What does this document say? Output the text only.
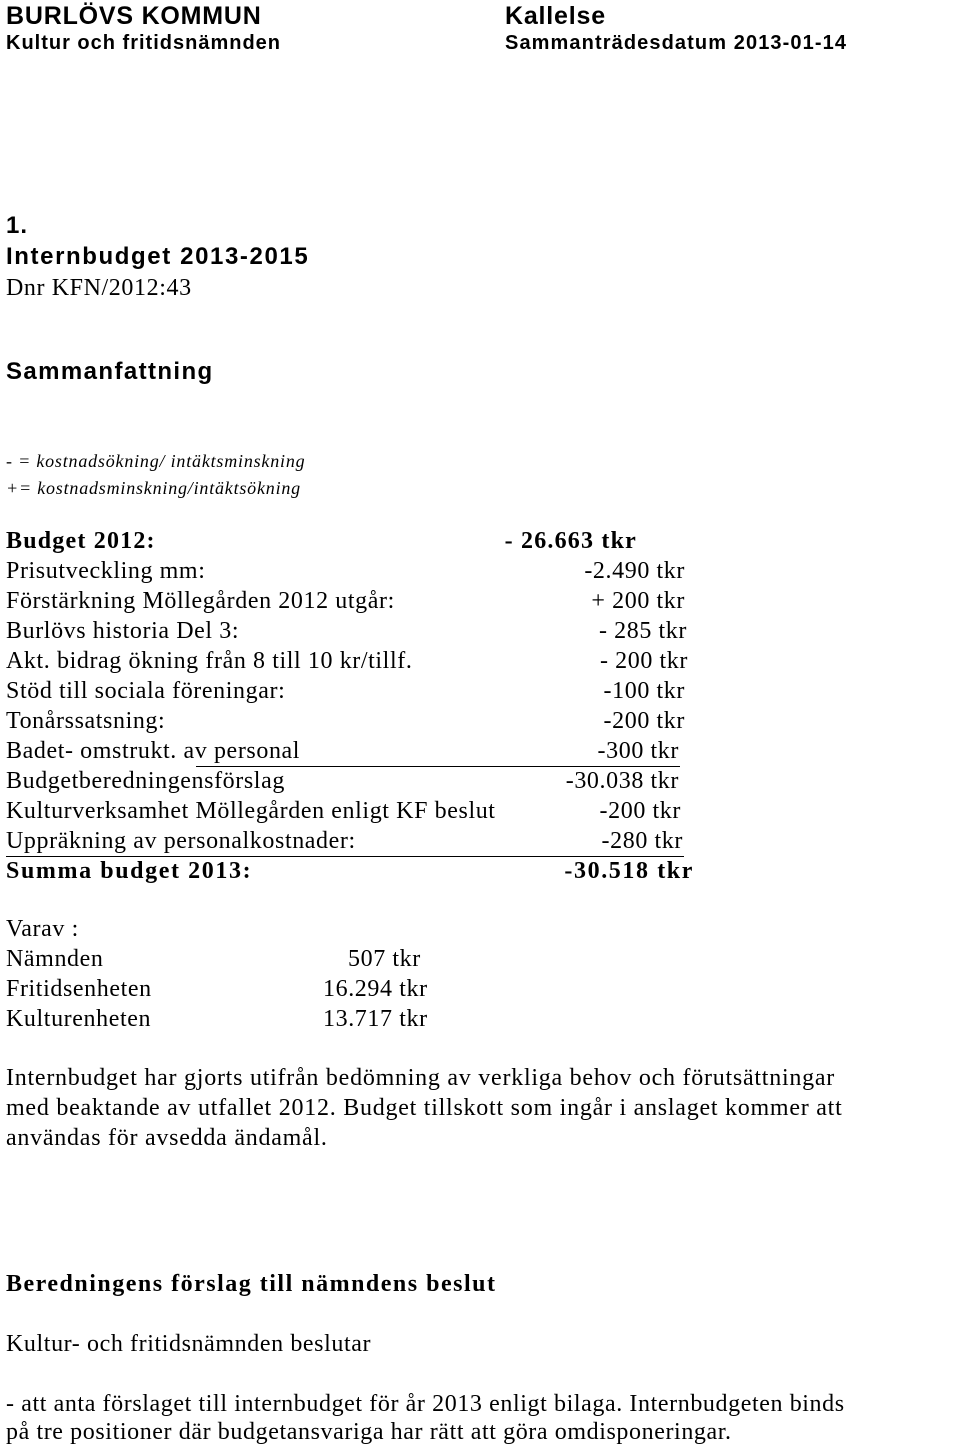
BURLÖVS KOMMUN
Kultur och fritidsnämnden
Kallelse
Sammanträdesdatum 2013-01-14
1.
Internbudget 2013-2015
Dnr KFN/2012:43
Sammanfattning
- = kostnadsökning/ intäktsminskning
+= kostnadsminskning/intäktsökning
Budget 2012:	- 26.663 tkr
Prisutveckling mm:	-2.490 tkr
Förstärkning Möllegården 2012 utgår:	+ 200 tkr
Burlövs historia Del 3:	- 285 tkr
Akt. bidrag ökning från 8 till 10 kr/tillf.	- 200 tkr
Stöd till sociala föreningar:	-100 tkr
Tonårssatsning:	-200 tkr
Badet- omstrukt. av personal	-300 tkr
Budgetberedningensförslag	-30.038 tkr
Kulturverksamhet Möllegården enligt KF beslut	-200 tkr
Uppräkning av personalkostnader:	-280 tkr
Summa budget 2013:	-30.518 tkr
Varav :
Nämnden	507 tkr
Fritidsenheten	16.294 tkr
Kulturenheten	13.717 tkr
Internbudget har gjorts utifrån bedömning av verkliga behov och förutsättningar
med beaktande av utfallet 2012. Budget tillskott som ingår i anslaget kommer att
användas för avsedda ändamål.
Beredningens förslag till nämndens beslut
Kultur- och fritidsnämnden beslutar
- att anta förslaget till internbudget för år 2013 enligt bilaga. Internbudgeten binds
på tre positioner där budgetansvariga har rätt att göra omdisponeringar.
